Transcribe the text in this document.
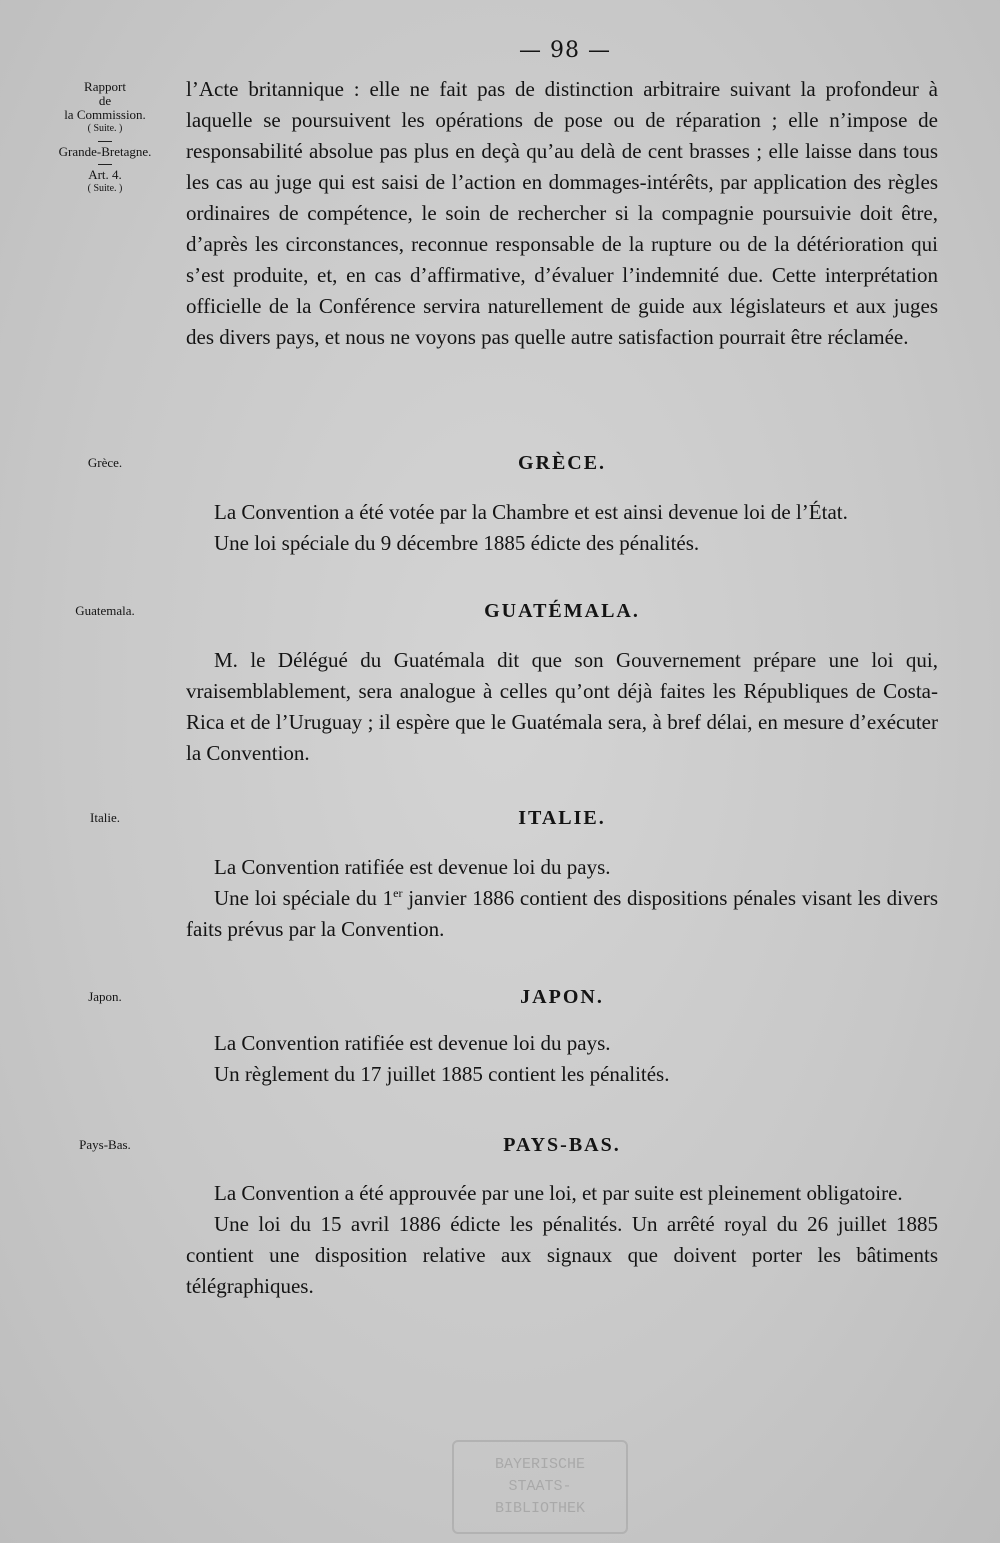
— 98 —
Rapport
de
la Commission.
( Suite. )
Grande-Bretagne.
Art. 4.
( Suite. )
Grèce.
Guatemala.
Italie.
Japon.
Pays-Bas.

l’Acte britannique : elle ne fait pas de distinction arbitraire suivant la profondeur à laquelle se poursuivent les opérations de pose ou de réparation ; elle n’impose de responsabilité absolue pas plus en deçà qu’au delà de cent brasses ; elle laisse dans tous les cas au juge qui est saisi de l’action en dommages-intérêts, par application des règles ordinaires de compétence, le soin de rechercher si la compagnie poursuivie doit être, d’après les circonstances, reconnue responsable de la rupture ou de la détérioration qui s’est produite, et, en cas d’affirmative, d’évaluer l’indemnité due. Cette interprétation officielle de la Conférence servira naturellement de guide aux législateurs et aux juges des divers pays, et nous ne voyons pas quelle autre satisfaction pourrait être réclamée.

GRÈCE.

La Convention a été votée par la Chambre et est ainsi devenue loi de l’État.

Une loi spéciale du 9 décembre 1885 édicte des pénalités.

GUATÉMALA.

M. le Délégué du Guatémala dit que son Gouvernement prépare une loi qui, vraisemblablement, sera analogue à celles qu’ont déjà faites les Républiques de Costa-Rica et de l’Uruguay ; il espère que le Guatémala sera, à bref délai, en mesure d’exécuter la Convention.

ITALIE.

La Convention ratifiée est devenue loi du pays.

Une loi spéciale du 1er janvier 1886 contient des dispositions pénales visant les divers faits prévus par la Convention.

JAPON.

La Convention ratifiée est devenue loi du pays.

Un règlement du 17 juillet 1885 contient les pénalités.

PAYS-BAS.

La Convention a été approuvée par une loi, et par suite est pleinement obligatoire.

Une loi du 15 avril 1886 édicte les pénalités. Un arrêté royal du 26 juillet 1885 contient une disposition relative aux signaux que doivent porter les bâtiments télégraphiques.

BAYERISCHE
STAATS-
BIBLIOTHEK
